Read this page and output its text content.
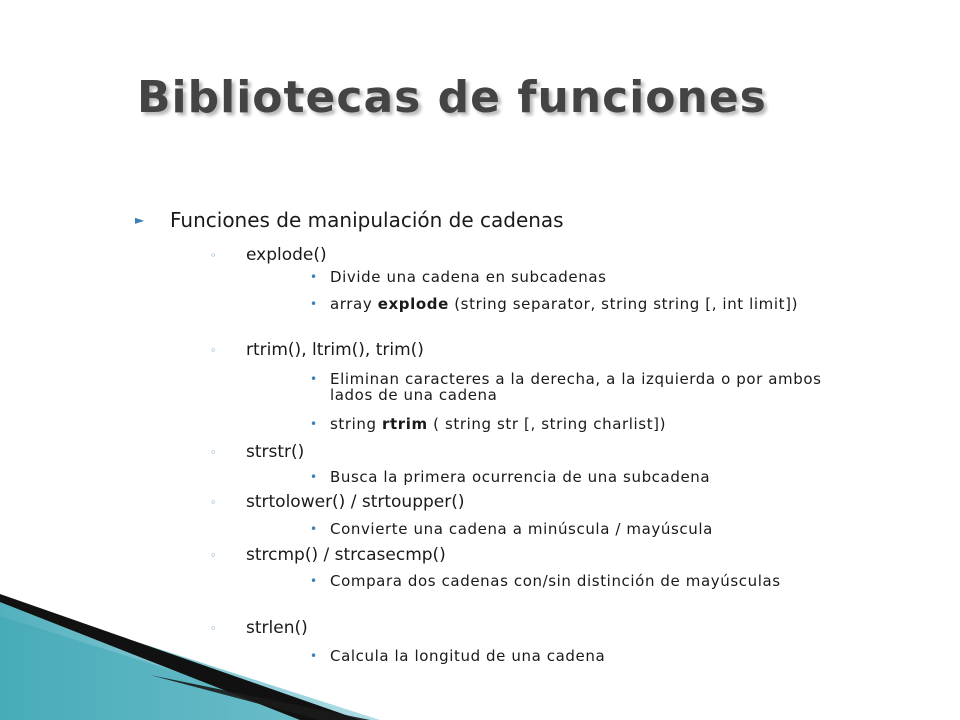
Bibliotecas de funciones
► Funciones de manipulación de cadenas
◦ explode()
• Divide una cadena en subcadenas
• array explode (string separator, string string [, int limit])
◦ rtrim(), ltrim(), trim()
• Eliminan caracteres a la derecha, a la izquierda o por ambos lados de una cadena
• string rtrim ( string str [, string charlist])
◦ strstr()
• Busca la primera ocurrencia de una subcadena
◦ strtolower() / strtoupper()
• Convierte una cadena a minúscula / mayúscula
◦ strcmp() / strcasecmp()
• Compara dos cadenas con/sin distinción de mayúsculas
◦ strlen()
• Calcula la longitud de una cadena
